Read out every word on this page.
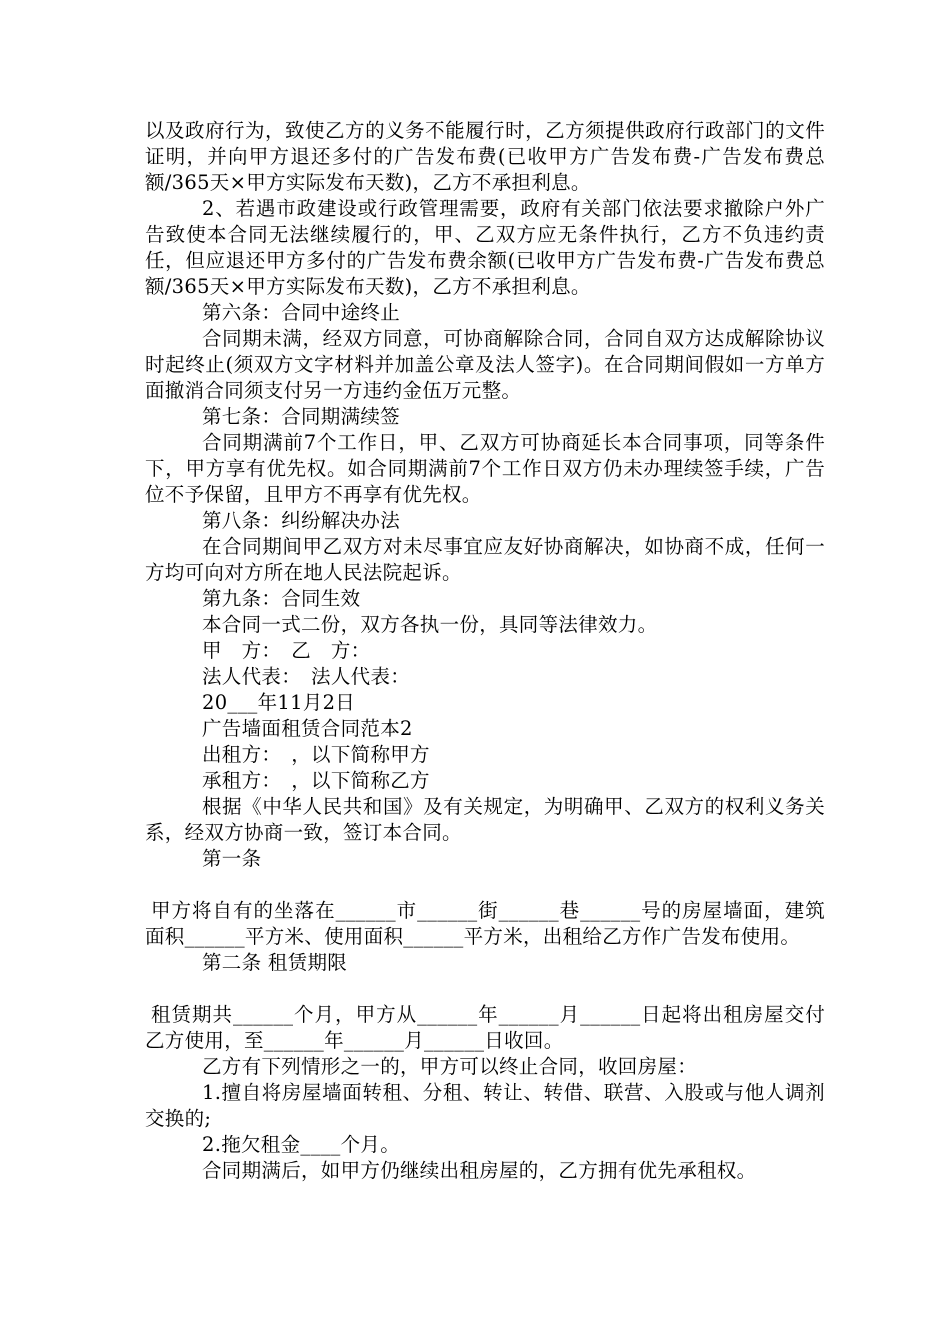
以及政府行为，致使乙方的义务不能履行时，乙方须提供政府行政部门的文件证明，并向甲方退还多付的广告发布费(已收甲方广告发布费-广告发布费总额/365天×甲方实际发布天数)，乙方不承担利息。

2、若遇市政建设或行政管理需要，政府有关部门依法要求撤除户外广告致使本合同无法继续履行的，甲、乙双方应无条件执行，乙方不负违约责任，但应退还甲方多付的广告发布费余额(已收甲方广告发布费-广告发布费总额/365天×甲方实际发布天数)，乙方不承担利息。

第六条：合同中途终止

合同期未满，经双方同意，可协商解除合同，合同自双方达成解除协议时起终止(须双方文字材料并加盖公章及法人签字)。在合同期间假如一方单方面撤消合同须支付另一方违约金伍万元整。

第七条：合同期满续签

合同期满前7个工作日，甲、乙双方可协商延长本合同事项，同等条件下，甲方享有优先权。如合同期满前7个工作日双方仍未办理续签手续，广告位不予保留，且甲方不再享有优先权。

第八条：纠纷解决办法

在合同期间甲乙双方对未尽事宜应友好协商解决，如协商不成，任何一方均可向对方所在地人民法院起诉。

第九条：合同生效

本合同一式二份，双方各执一份，具同等法律效力。

甲　方：　乙　方：

法人代表：　法人代表：

20___年11月2日

广告墙面租赁合同范本2

出租方：　，以下简称甲方

承租方：　，以下简称乙方

根据《中华人民共和国》及有关规定，为明确甲、乙双方的权利义务关系，经双方协商一致，签订本合同。

第一条

甲方将自有的坐落在______市______街______巷______号的房屋墙面，建筑面积______平方米、使用面积______平方米，出租给乙方作广告发布使用。

第二条 租赁期限

租赁期共______个月，甲方从______年______月______日起将出租房屋交付乙方使用，至______年______月______日收回。

乙方有下列情形之一的，甲方可以终止合同，收回房屋：

1.擅自将房屋墙面转租、分租、转让、转借、联营、入股或与他人调剂交换的;

2.拖欠租金____个月。

合同期满后，如甲方仍继续出租房屋的，乙方拥有优先承租权。
